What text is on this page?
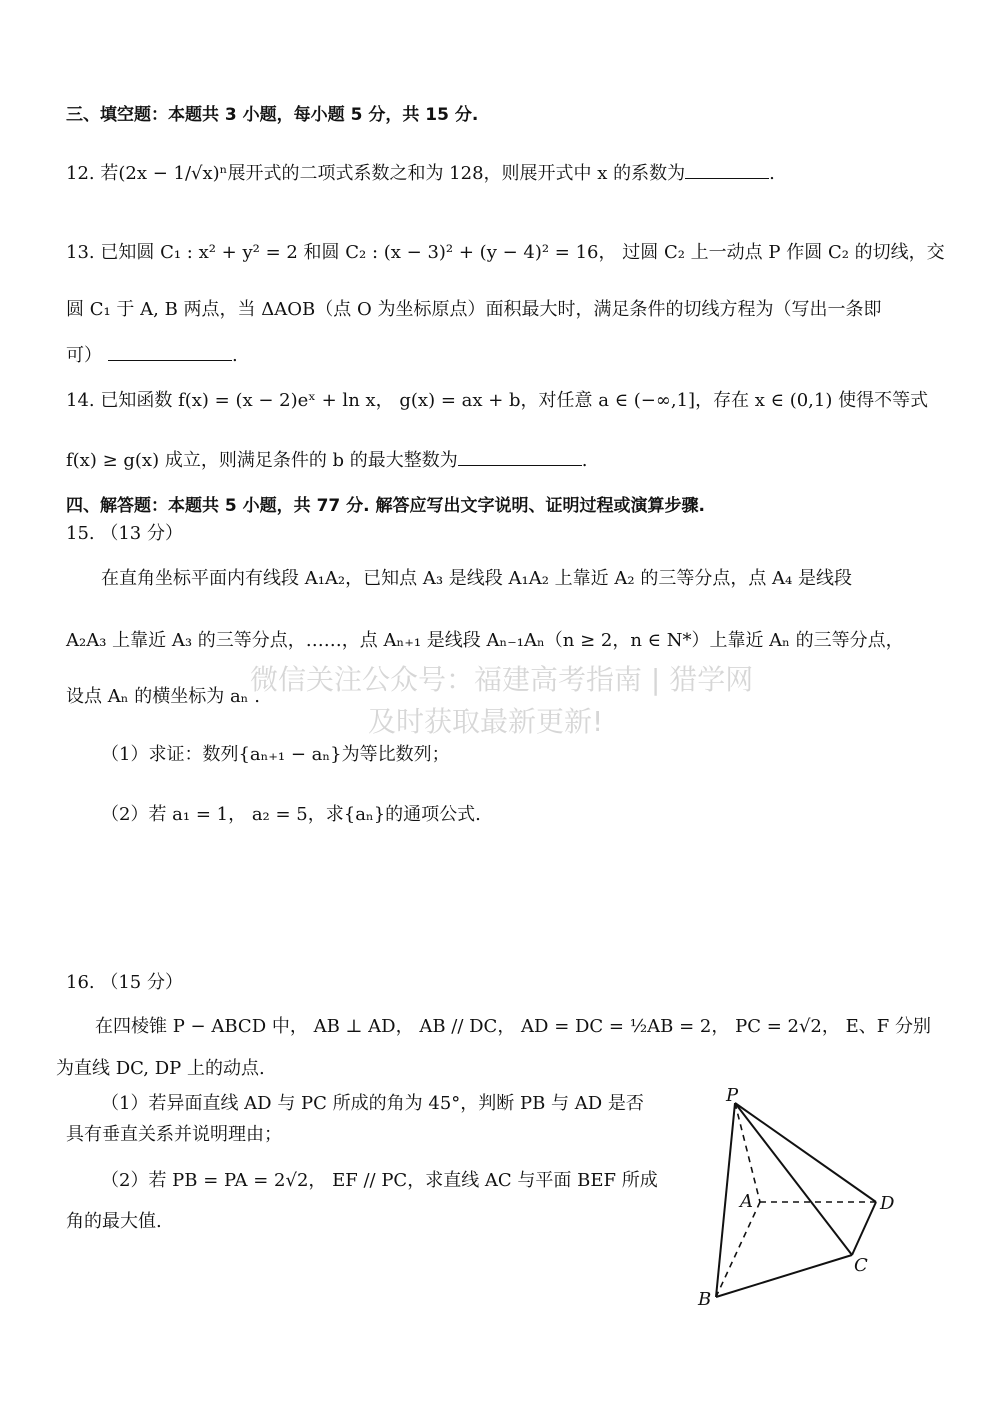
三、填空题：本题共 3 小题，每小题 5 分，共 15 分.
12. 若(2x − 1/√x)ⁿ展开式的二项式系数之和为 128，则展开式中 x 的系数为	.
13. 已知圆 C₁ : x² + y² = 2 和圆 C₂ : (x − 3)² + (y − 4)² = 16， 过圆 C₂ 上一动点 P 作圆 C₂ 的切线，交
圆 C₁ 于 A, B 两点，当 ΔAOB（点 O 为坐标原点）面积最大时，满足条件的切线方程为（写出一条即
可）	.
14. 已知函数 f(x) = (x − 2)eˣ + ln x， g(x) = ax + b，对任意 a ∈ (−∞,1]，存在 x ∈ (0,1) 使得不等式
f(x) ≥ g(x) 成立，则满足条件的 b 的最大整数为	.
四、解答题：本题共 5 小题，共 77 分. 解答应写出文字说明、证明过程或演算步骤.
15. （13 分）
在直角坐标平面内有线段 A₁A₂，已知点 A₃ 是线段 A₁A₂ 上靠近 A₂ 的三等分点，点 A₄ 是线段
A₂A₃ 上靠近 A₃ 的三等分点，……，点 Aₙ₊₁ 是线段 Aₙ₋₁Aₙ（n ≥ 2，n ∈ N*）上靠近 Aₙ 的三等分点，
设点 Aₙ 的横坐标为 aₙ .
微信关注公众号：福建高考指南 | 猎学网
及时获取最新更新!
（1）求证：数列{aₙ₊₁ − aₙ}为等比数列；
（2）若 a₁ = 1， a₂ = 5，求{aₙ}的通项公式.
16. （15 分）
在四棱锥 P − ABCD 中， AB ⊥ AD， AB // DC， AD = DC = ½AB = 2， PC = 2√2， E、F 分别
为直线 DC, DP 上的动点.
（1）若异面直线 AD 与 PC 所成的角为 45°，判断 PB 与 AD 是否
具有垂直关系并说明理由；
（2）若 PB = PA = 2√2， EF // PC，求直线 AC 与平面 BEF 所成
角的最大值.
P
A	D
C
B
